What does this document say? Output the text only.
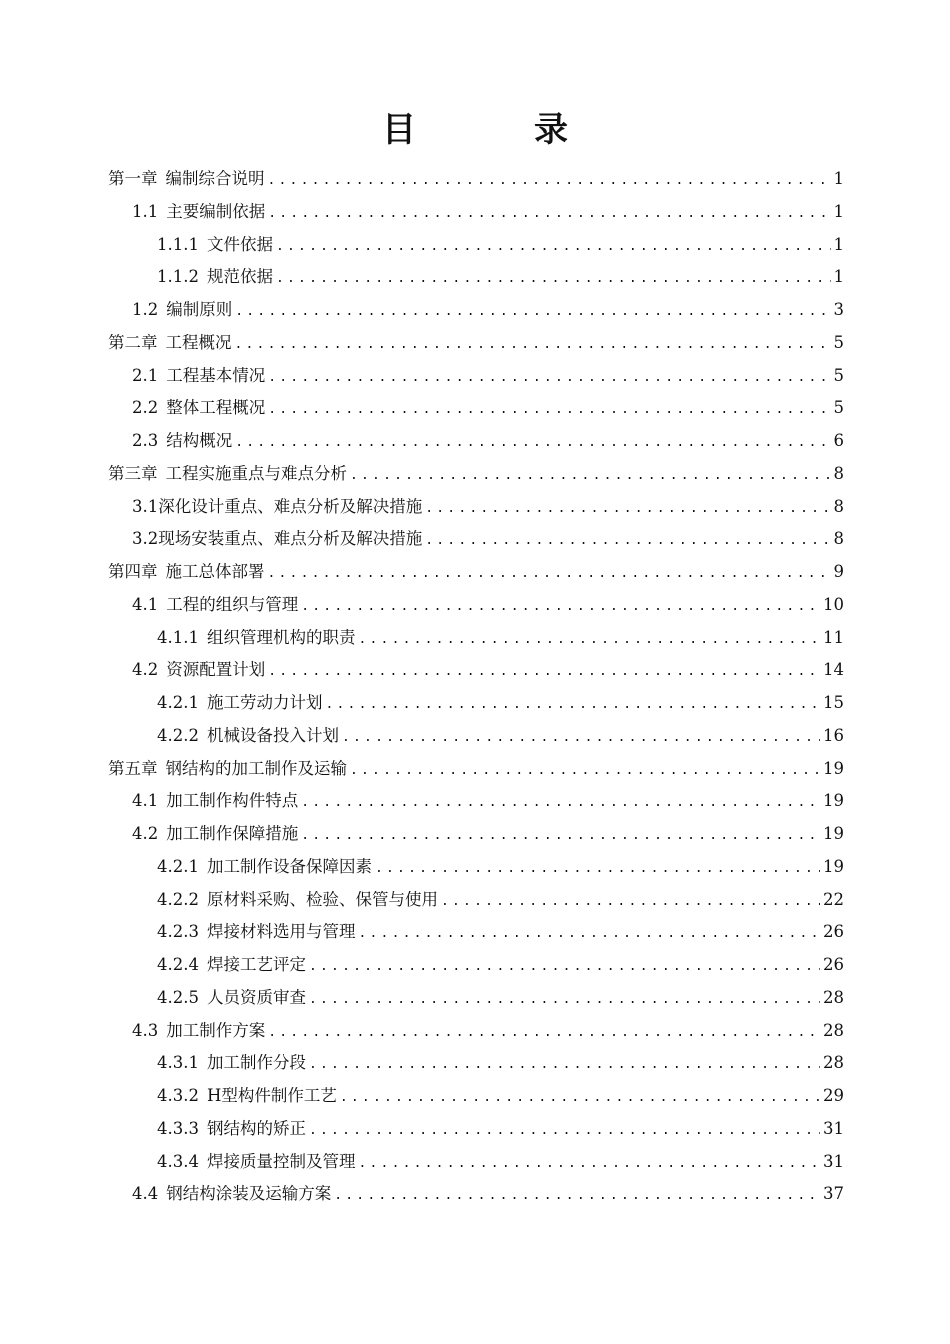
目　录
第一章 编制综合说明 .....	1
1.1 主要编制依据 .....	1
1.1.1 文件依据 .....	1
1.1.2 规范依据 .....	1
1.2 编制原则 .....	3
第二章 工程概况 .....	5
2.1 工程基本情况 .....	5
2.2 整体工程概况 .....	5
2.3 结构概况 .....	6
第三章 工程实施重点与难点分析 .....	8
3.1 深化设计重点、难点分析及解决措施 .....	8
3.2 现场安装重点、难点分析及解决措施 .....	8
第四章 施工总体部署 .....	9
4.1 工程的组织与管理 .....	10
4.1.1 组织管理机构的职责 .....	11
4.2 资源配置计划 .....	14
4.2.1 施工劳动力计划 .....	15
4.2.2 机械设备投入计划 .....	16
第五章 钢结构的加工制作及运输 .....	19
4.1 加工制作构件特点 .....	19
4.2 加工制作保障措施 .....	19
4.2.1 加工制作设备保障因素 .....	19
4.2.2 原材料采购、检验、保管与使用 .....	22
4.2.3 焊接材料选用与管理 .....	26
4.2.4 焊接工艺评定 .....	26
4.2.5 人员资质审查 .....	28
4.3 加工制作方案 .....	28
4.3.1 加工制作分段 .....	28
4.3.2 H型构件制作工艺 .....	29
4.3.3 钢结构的矫正 .....	31
4.3.4 焊接质量控制及管理 .....	31
4.4 钢结构涂装及运输方案 .....	37
